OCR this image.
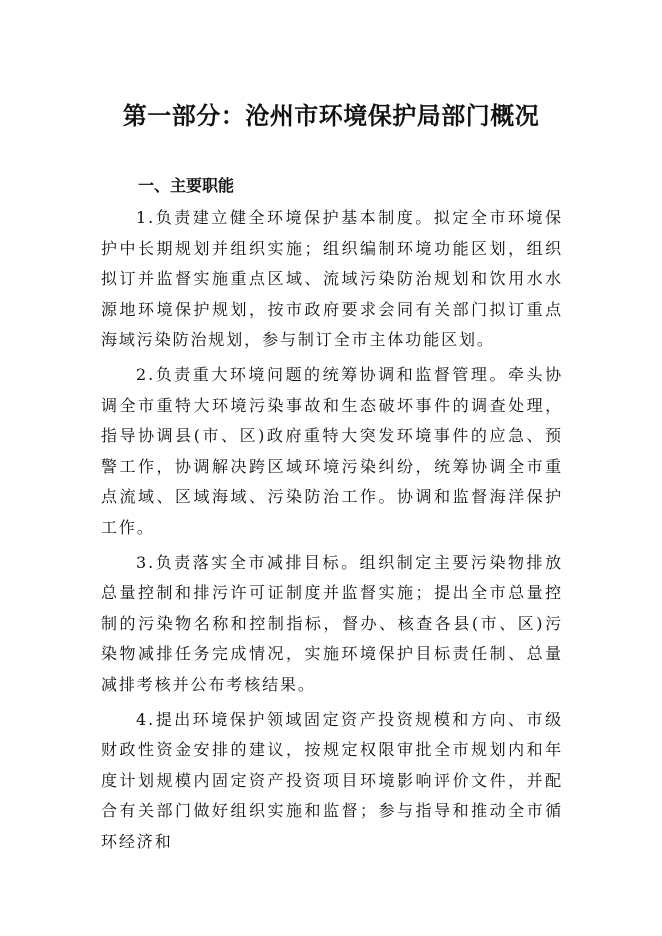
第一部分：沧州市环境保护局部门概况
一、主要职能

1.负责建立健全环境保护基本制度。拟定全市环境保护中长期规划并组织实施；组织编制环境功能区划，组织拟订并监督实施重点区域、流域污染防治规划和饮用水水源地环境保护规划，按市政府要求会同有关部门拟订重点海域污染防治规划，参与制订全市主体功能区划。

2.负责重大环境问题的统筹协调和监督管理。牵头协调全市重特大环境污染事故和生态破坏事件的调查处理，指导协调县(市、区)政府重特大突发环境事件的应急、预警工作，协调解决跨区域环境污染纠纷，统筹协调全市重点流域、区域海域、污染防治工作。协调和监督海洋保护工作。

3.负责落实全市减排目标。组织制定主要污染物排放总量控制和排污许可证制度并监督实施；提出全市总量控制的污染物名称和控制指标，督办、核查各县(市、区)污染物减排任务完成情况，实施环境保护目标责任制、总量减排考核并公布考核结果。

4.提出环境保护领域固定资产投资规模和方向、市级财政性资金安排的建议，按规定权限审批全市规划内和年度计划规模内固定资产投资项目环境影响评价文件，并配合有关部门做好组织实施和监督；参与指导和推动全市循环经济和
